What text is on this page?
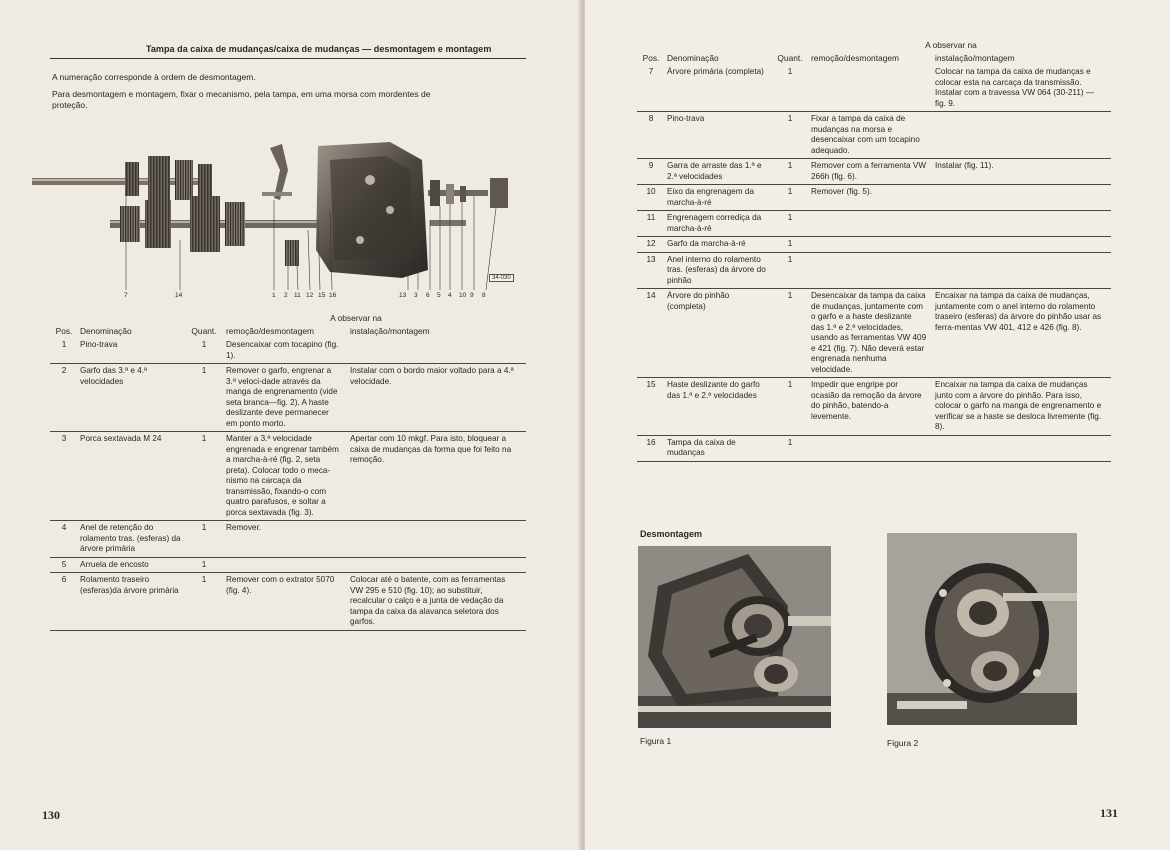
Tampa da caixa de mudanças/caixa de mudanças — desmontagem e montagem
A numeração corresponde à ordem de desmontagem.
Para desmontagem e montagem, fixar o mecanismo, pela tampa, em uma morsa com mordentes de proteção.
34-030
7	14	1 2 11 12 15 16	13 3 6 5 4 10 9 8
			A observar na	
Pos.	Denominação	Quant.	remoção/desmontagem	instalação/montagem
1	Pino-trava	1	Desencaixar com tocapino (fig. 1).	
2	Garfo das 3.ª e 4.ª velocidades	1	Remover o garfo, engrenar a 3.ª veloci-dade através da manga de engrenamento (vide seta branca—fig. 2). A haste deslizante deve permanecer em ponto morto.	Instalar com o bordo maior voltado para a 4.ª velocidade.
3	Porca sextavada M 24	1	Manter a 3.ª velocidade engrenada e engrenar também a marcha-à-ré (fig. 2, seta preta). Colocar todo o meca-nismo na carcaça da transmissão, fixando-o com quatro parafusos, e soltar a porca sextavada (fig. 3).	Apertar com 10 mkgf. Para isto, bloquear a caixa de mudanças da forma que foi feito na remoção.
4	Anel de retenção do rolamento tras. (esferas) da árvore primária	1	Remover.	
5	Arruela de encosto	1		
6	Rolamento traseiro (esferas)da árvore primária	1	Remover com o extrator 5070 (fig. 4).	Colocar até o batente, com as ferramentas VW 295 e 510 (fig. 10); ao substituir, recalcular o calço e a junta de vedação da tampa da caixa da alavanca seletora dos garfos.
130
			A observar na	
Pos.	Denominação	Quant.	remoção/desmontagem	instalação/montagem
7	Árvore primária (completa)	1		Colocar na tampa da caixa de mudanças e colocar esta na carcaça da transmissão. Instalar com a travessa VW 064 (30-211) — fig. 9.
8	Pino-trava	1	Fixar a tampa da caixa de mudanças na morsa e desencaixar com um tocapino adequado.	
9	Garra de arraste das 1.ª e 2.ª velocidades	1	Remover com a ferramenta VW 266h (fig. 6).	Instalar (fig. 11).
10	Eixo da engrenagem da marcha-à-ré	1	Remover (fig. 5).	
11	Engrenagem corrediça da marcha-à-ré	1		
12	Garfo da marcha-à-ré	1		
13	Anel interno do rolamento tras. (esferas) da árvore do pinhão	1		
14	Árvore do pinhão (completa)	1	Desencaixar da tampa da caixa de mudanças, juntamente com o garfo e a haste deslizante das 1.ª e 2.ª velocidades, usando as ferramentas VW 409 e 421 (fig. 7). Não deverá estar engrenada nenhuma velocidade.	Encaixar na tampa da caixa de mudanças, juntamente com o anel interno do rolamento traseiro (esferas) da árvore do pinhão usar as ferra-mentas VW 401, 412 e 426 (fig. 8).
15	Haste deslizante do garfo das 1.ª e 2.ª velocidades	1	Impedir que engripe por ocasião da remoção da árvore do pinhão, batendo-a levemente.	Encaixar na tampa da caixa de mudanças junto com a árvore do pinhão. Para isso, colocar o garfo na manga de engrenamento e verificar se a haste se desloca livremente (fig. 8).
16	Tampa da caixa de mudanças	1		
Desmontagem
Figura 1	Figura 2
131
